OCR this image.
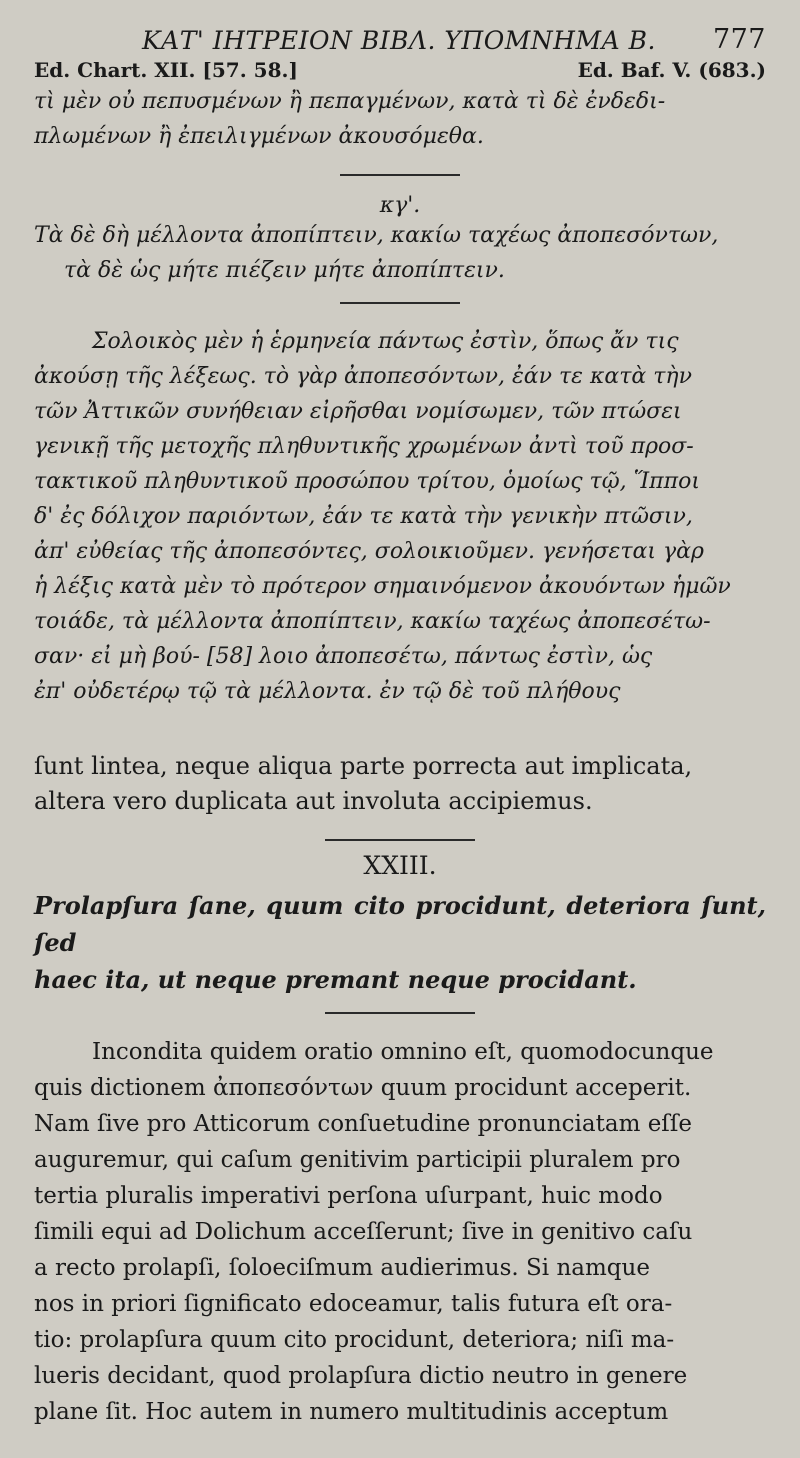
ΚΑΤ' ΙΗΤΡΕΙΟΝ ΒΙΒΛ. ΥΠΟΜΝΗΜΑ Β. 777
Ed. Chart. XII. [57. 58.]	Ed. Baf. V. (683.)

τὶ μὲν οὐ πεπυσμένων ἢ πεπαγμένων, κατὰ τὶ δὲ ἐνδεδι-
πλωμένων ἢ ἐπειλιγμένων ἀκουσόμεθα.

κγ'.

Τὰ δὲ δὴ μέλλοντα ἀποπίπτειν, κακίω ταχέως ἀποπεσόντων,
τὰ δὲ ὡς μήτε πιέζειν μήτε ἀποπίπτειν.

Σολοικὸς μὲν ἡ ἑρμηνεία πάντως ἐστὶν, ὅπως ἄν τις
ἀκούσῃ τῆς λέξεως. τὸ γὰρ ἀποπεσόντων, ἐάν τε κατὰ τὴν
τῶν Ἀττικῶν συνήθειαν εἰρῆσθαι νομίσωμεν, τῶν πτώσει
γενικῇ τῆς μετοχῆς πληθυντικῆς χρωμένων ἀντὶ τοῦ προσ-
τακτικοῦ πληθυντικοῦ προσώπου τρίτου, ὁμοίως τῷ, Ἵπποι
δ' ἐς δόλιχον παριόντων, ἐάν τε κατὰ τὴν γενικὴν πτῶσιν,
ἀπ' εὐθείας τῆς ἀποπεσόντες, σολοικιοῦμεν. γενήσεται γὰρ
ἡ λέξις κατὰ μὲν τὸ πρότερον σημαινόμενον ἀκουόντων ἡμῶν
τοιάδε, τὰ μέλλοντα ἀποπίπτειν, κακίω ταχέως ἀποπεσέτω-
σαν· εἰ μὴ βού- [58] λοιο ἀποπεσέτω, πάντως ἐστὶν, ὡς
ἐπ' οὐδετέρῳ τῷ τὰ μέλλοντα. ἐν τῷ δὲ τοῦ πλήθους

ſunt lintea, neque aliqua parte porrecta aut implicata,
altera vero duplicata aut involuta accipiemus.

XXIII.

Prolapſura ſane, quum cito procidunt, deteriora ſunt, ſed
haec ita, ut neque premant neque procidant.

Incondita quidem oratio omnino eſt, quomodocunque
quis dictionem ἀποπεσόντων quum procidunt acceperit.
Nam ſive pro Atticorum conſuetudine pronunciatam eſſe
auguremur, qui caſum genitivim participii pluralem pro
tertia pluralis imperativi perſona uſurpant, huic modo
ſimili equi ad Dolichum acceſſerunt; ſive in genitivo caſu
a recto prolapſi, ſoloeciſmum audierimus. Si namque
nos in priori ſignificato edoceamur, talis futura eſt ora-
tio: prolapſura quum cito procidunt, deteriora; niſi ma-
lueris decidant, quod prolapſura dictio neutro in genere
plane ſit. Hoc autem in numero multitudinis acceptum
